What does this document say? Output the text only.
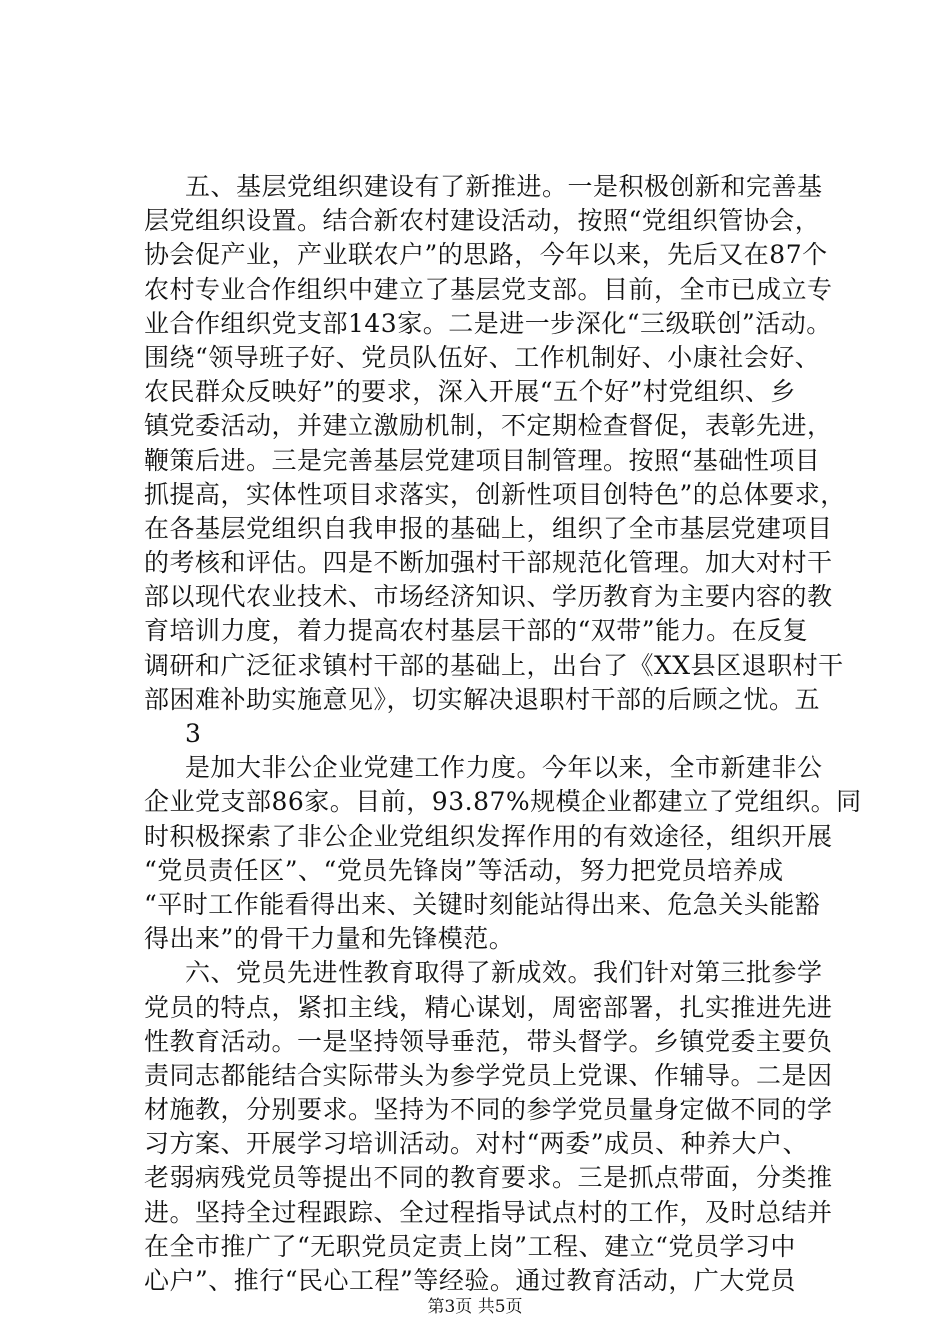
五、基层党组织建设有了新推进。一是积极创新和完善基
层党组织设置。结合新农村建设活动，按照“党组织管协会，
协会促产业，产业联农户”的思路，今年以来，先后又在87个
农村专业合作组织中建立了基层党支部。目前，全市已成立专
业合作组织党支部143家。二是进一步深化“三级联创”活动。
围绕“领导班子好、党员队伍好、工作机制好、小康社会好、
农民群众反映好”的要求，深入开展“五个好”村党组织、乡
镇党委活动，并建立激励机制，不定期检查督促，表彰先进，
鞭策后进。三是完善基层党建项目制管理。按照“基础性项目
抓提高，实体性项目求落实，创新性项目创特色”的总体要求，
在各基层党组织自我申报的基础上，组织了全市基层党建项目
的考核和评估。四是不断加强村干部规范化管理。加大对村干
部以现代农业技术、市场经济知识、学历教育为主要内容的教
育培训力度，着力提高农村基层干部的“双带”能力。在反复
调研和广泛征求镇村干部的基础上，出台了《XX县区退职村干
部困难补助实施意见》，切实解决退职村干部的后顾之忧。五
3
是加大非公企业党建工作力度。今年以来，全市新建非公
企业党支部86家。目前，93.87%规模企业都建立了党组织。同
时积极探索了非公企业党组织发挥作用的有效途径，组织开展
“党员责任区”、“党员先锋岗”等活动，努力把党员培养成
“平时工作能看得出来、关键时刻能站得出来、危急关头能豁
得出来”的骨干力量和先锋模范。
六、党员先进性教育取得了新成效。我们针对第三批参学
党员的特点，紧扣主线，精心谋划，周密部署，扎实推进先进
性教育活动。一是坚持领导垂范，带头督学。乡镇党委主要负
责同志都能结合实际带头为参学党员上党课、作辅导。二是因
材施教，分别要求。坚持为不同的参学党员量身定做不同的学
习方案、开展学习培训活动。对村“两委”成员、种养大户、
老弱病残党员等提出不同的教育要求。三是抓点带面，分类推
进。坚持全过程跟踪、全过程指导试点村的工作，及时总结并
在全市推广了“无职党员定责上岗”工程、建立“党员学习中
心户”、推行“民心工程”等经验。通过教育活动，广大党员
第3页 共5页
